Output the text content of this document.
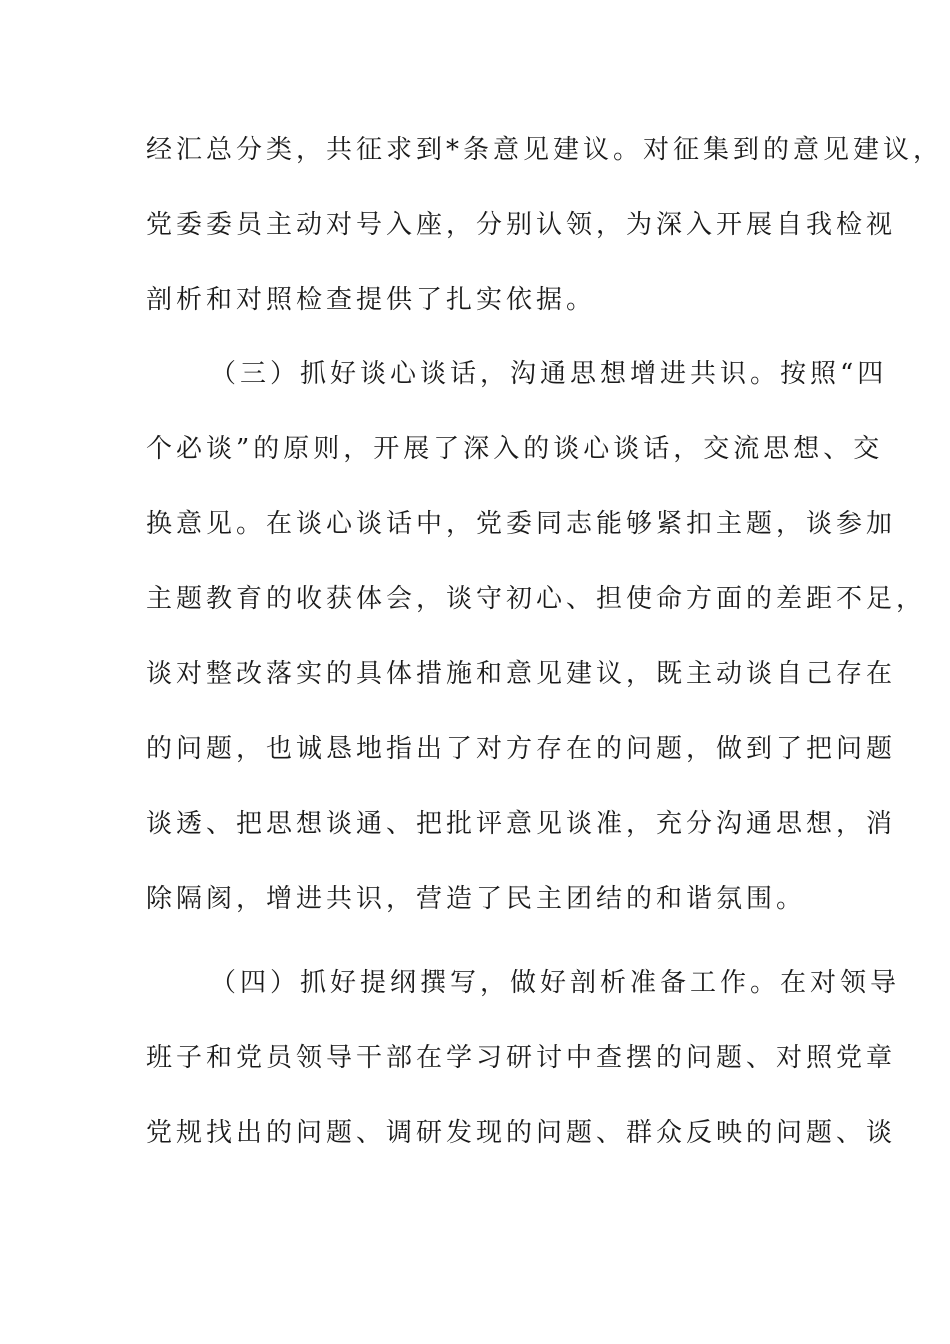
经汇总分类，共征求到*条意见建议。对征集到的意见建议，
党委委员主动对号入座，分别认领，为深入开展自我检视
剖析和对照检查提供了扎实依据。
（三）抓好谈心谈话，沟通思想增进共识。按照“四
个必谈”的原则，开展了深入的谈心谈话，交流思想、交
换意见。在谈心谈话中，党委同志能够紧扣主题，谈参加
主题教育的收获体会，谈守初心、担使命方面的差距不足，
谈对整改落实的具体措施和意见建议，既主动谈自己存在
的问题，也诚恳地指出了对方存在的问题，做到了把问题
谈透、把思想谈通、把批评意见谈准，充分沟通思想，消
除隔阂，增进共识，营造了民主团结的和谐氛围。
（四）抓好提纲撰写，做好剖析准备工作。在对领导
班子和党员领导干部在学习研讨中查摆的问题、对照党章
党规找出的问题、调研发现的问题、群众反映的问题、谈
